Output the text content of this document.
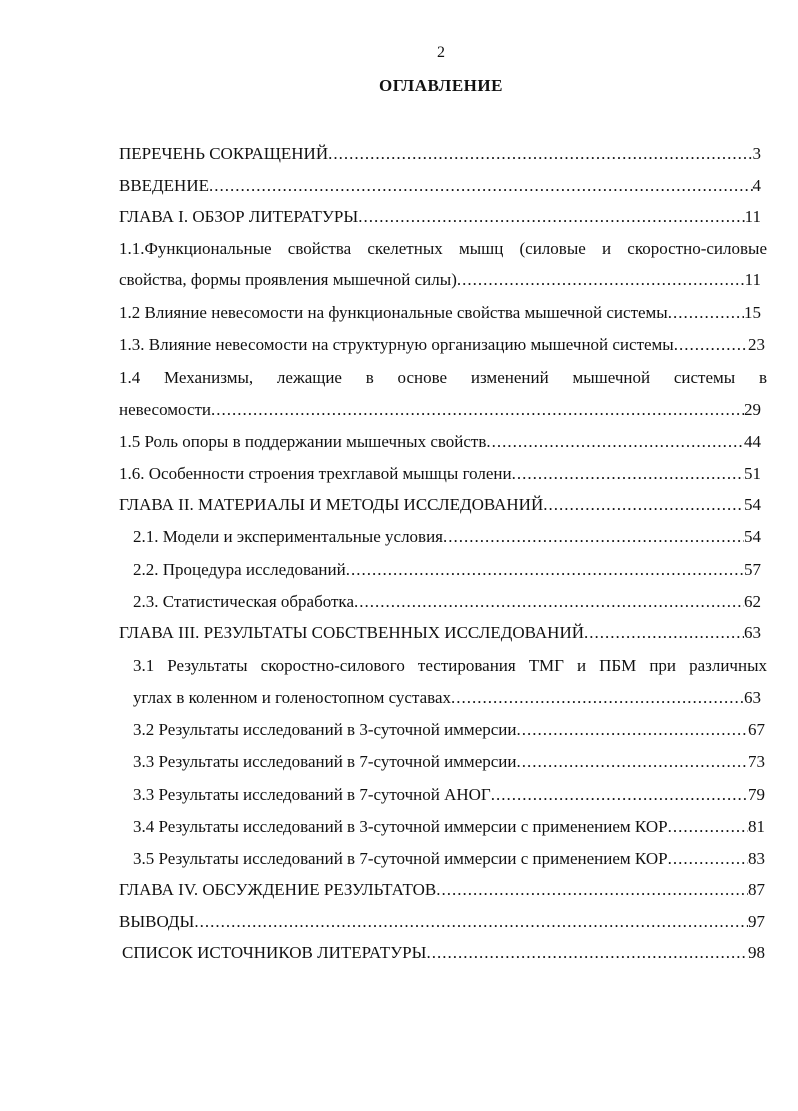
2
ОГЛАВЛЕНИЕ
ПЕРЕЧЕНЬ СОКРАЩЕНИЙ .....	3
ВВЕДЕНИЕ .....	4
ГЛАВА I. ОБЗОР ЛИТЕРАТУРЫ .....	11
1.1.Функциональные свойства скелетных мышц (силовые и скоростно-силовые
свойства, формы проявления мышечной силы) .....	11
1.2 Влияние невесомости на функциональные свойства мышечной системы .....	15
1.3. Влияние невесомости на структурную организацию мышечной системы .....	23
1.4 Механизмы, лежащие в основе изменений мышечной системы в
невесомости .....	29
1.5 Роль опоры в поддержании мышечных свойств .....	44
1.6. Особенности строения трехглавой мышцы голени .....	51
ГЛАВА II. МАТЕРИАЛЫ И МЕТОДЫ ИССЛЕДОВАНИЙ .....	54
2.1. Модели и экспериментальные условия .....	54
2.2. Процедура исследований .....	57
2.3. Статистическая обработка .....	62
ГЛАВА III. РЕЗУЛЬТАТЫ СОБСТВЕННЫХ ИССЛЕДОВАНИЙ .....	63
3.1 Результаты скоростно-силового тестирования ТМГ и ПБМ при различных
углах в коленном и голеностопном суставах .....	63
3.2 Результаты исследований в 3-суточной иммерсии .....	67
3.3 Результаты исследований в 7-суточной иммерсии .....	73
3.3 Результаты исследований в 7-суточной АНОГ .....	79
3.4 Результаты исследований в 3-суточной иммерсии с применением КОР .....	81
3.5 Результаты исследований в 7-суточной иммерсии с применением КОР .....	83
ГЛАВА IV. ОБСУЖДЕНИЕ РЕЗУЛЬТАТОВ .....	87
ВЫВОДЫ .....	97
СПИСОК ИСТОЧНИКОВ ЛИТЕРАТУРЫ .....	98
